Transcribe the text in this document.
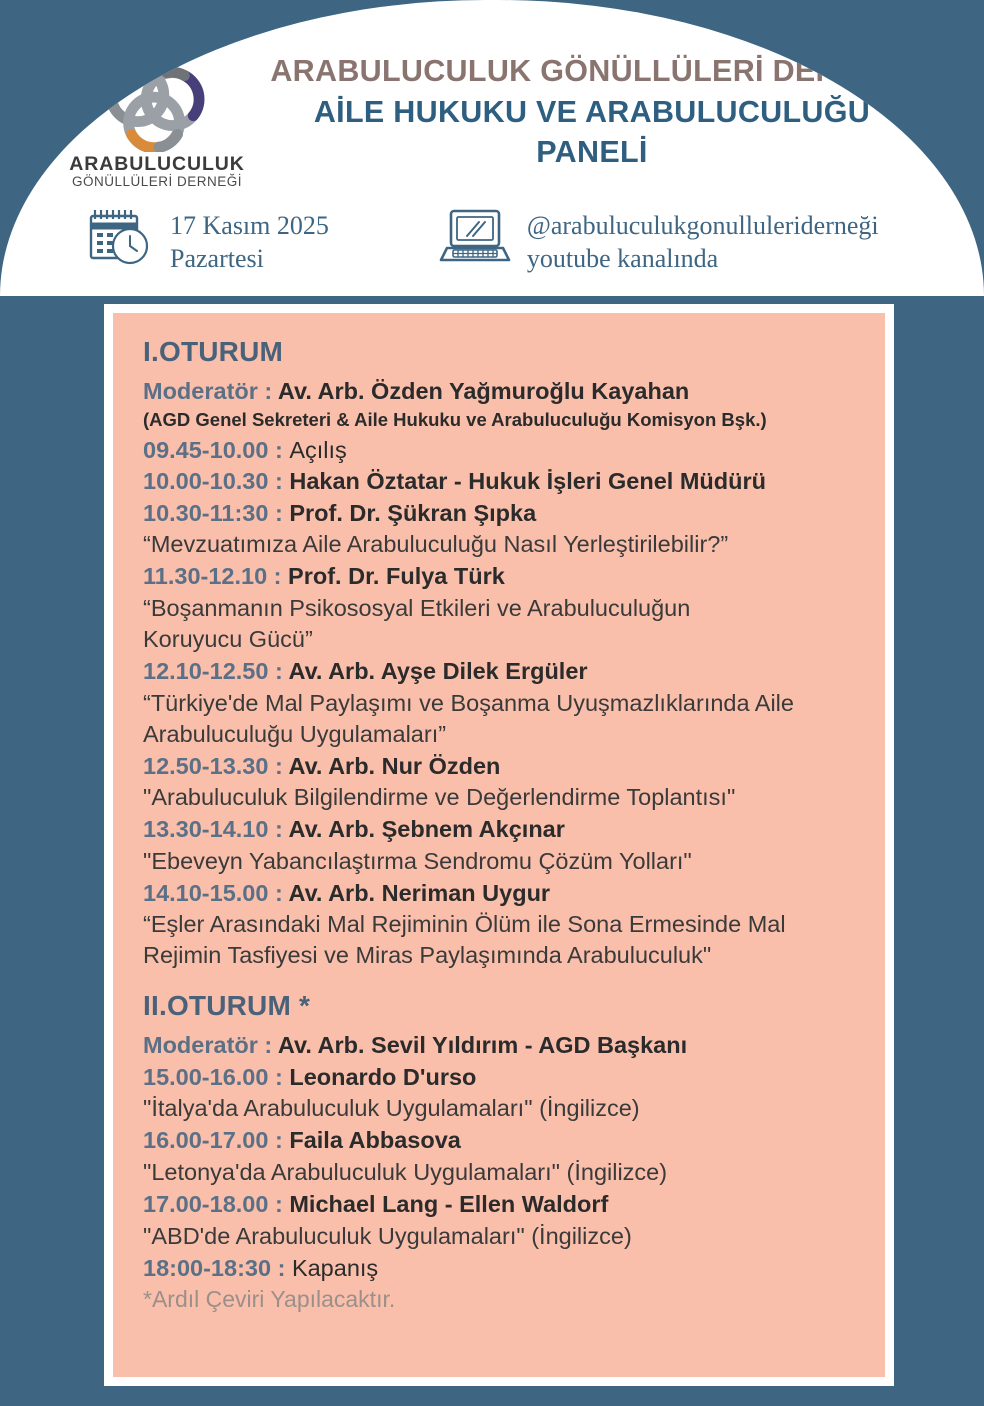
ARABULUCULUK
GÖNÜLLÜLERİ DERNEĞİ
ARABULUCULUK GÖNÜLLÜLERİ DERNEĞİ
AİLE HUKUKU VE ARABULUCULUĞU
PANELİ
17 Kasım 2025
Pazartesi
@arabuluculukgonulluleriderneği
youtube kanalında
I.OTURUM
Moderatör : Av. Arb. Özden Yağmuroğlu Kayahan
(AGD Genel Sekreteri & Aile Hukuku ve Arabuluculuğu Komisyon Bşk.)
09.45-10.00 : Açılış
10.00-10.30 : Hakan Öztatar - Hukuk İşleri Genel Müdürü
10.30-11:30 : Prof. Dr. Şükran Şıpka
“Mevzuatımıza Aile Arabuluculuğu Nasıl Yerleştirilebilir?”
11.30-12.10 : Prof. Dr. Fulya Türk
“Boşanmanın Psikososyal Etkileri ve Arabuluculuğun
Koruyucu Gücü”
12.10-12.50 : Av. Arb. Ayşe Dilek Ergüler
“Türkiye'de Mal Paylaşımı ve Boşanma Uyuşmazlıklarında Aile
Arabuluculuğu Uygulamaları”
12.50-13.30 : Av. Arb. Nur Özden
"Arabuluculuk Bilgilendirme ve Değerlendirme Toplantısı"
13.30-14.10 : Av. Arb. Şebnem Akçınar
"Ebeveyn Yabancılaştırma Sendromu Çözüm Yolları"
14.10-15.00 : Av. Arb. Neriman Uygur
“Eşler Arasındaki Mal Rejiminin Ölüm ile Sona Ermesinde Mal
Rejimin Tasfiyesi ve Miras Paylaşımında Arabuluculuk"
II.OTURUM *
Moderatör : Av. Arb. Sevil Yıldırım - AGD Başkanı
15.00-16.00 : Leonardo D'urso
"İtalya'da Arabuluculuk Uygulamaları" (İngilizce)
16.00-17.00 : Faila Abbasova
"Letonya'da Arabuluculuk Uygulamaları" (İngilizce)
17.00-18.00 : Michael Lang - Ellen Waldorf
"ABD'de Arabuluculuk Uygulamaları" (İngilizce)
18:00-18:30 : Kapanış
*Ardıl Çeviri Yapılacaktır.
